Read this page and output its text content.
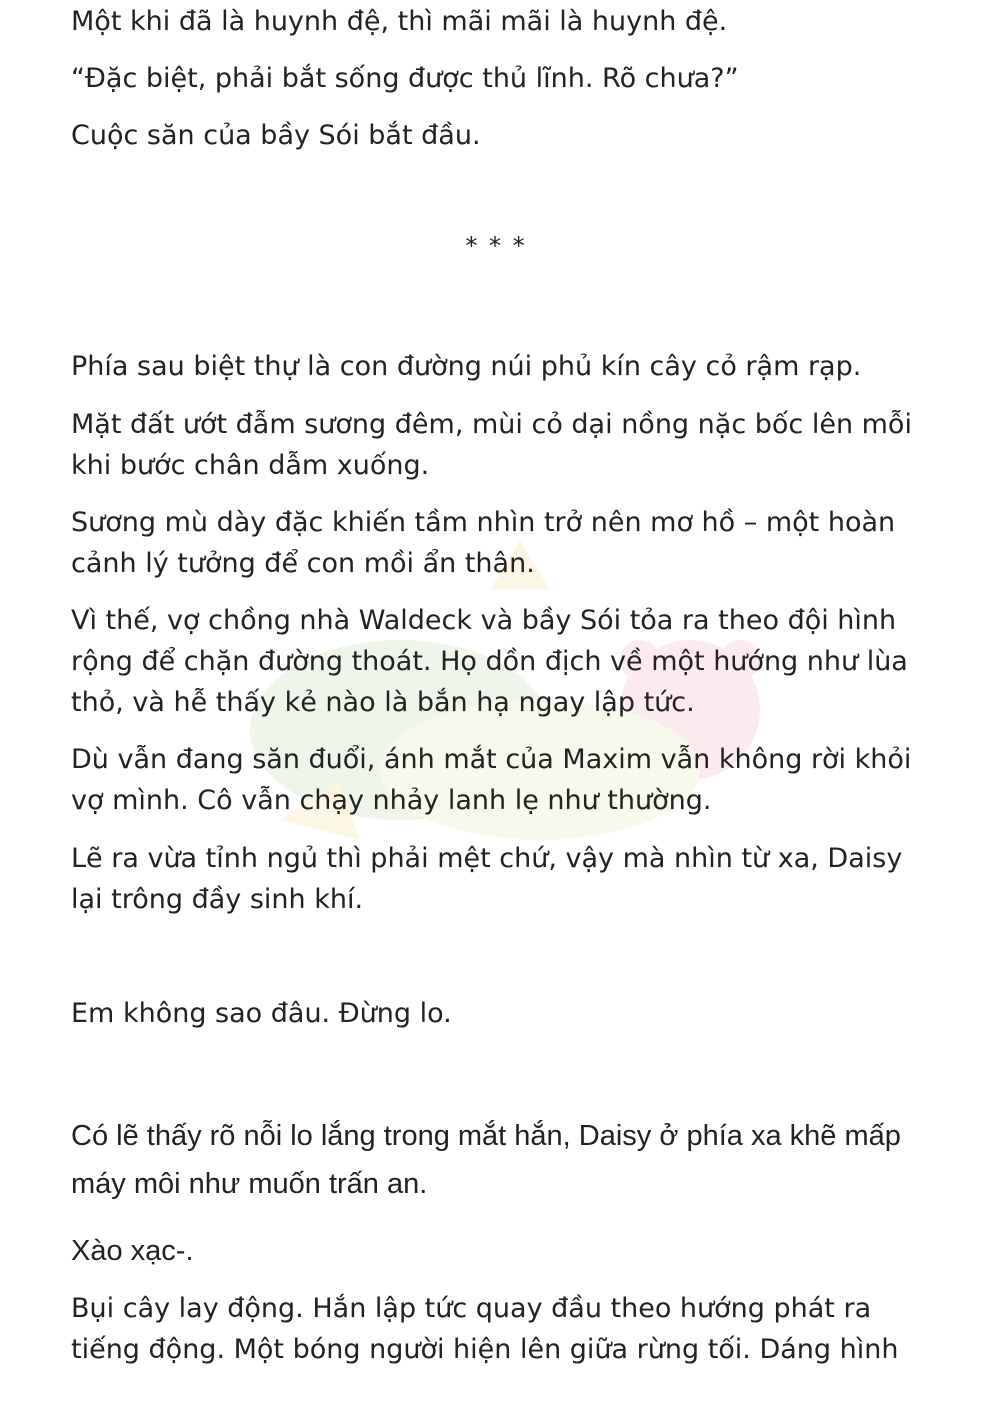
Một khi đã là huynh đệ, thì mãi mãi là huynh đệ.

“Đặc biệt, phải bắt sống được thủ lĩnh. Rõ chưa?”

Cuộc săn của bầy Sói bắt đầu.

* * *

Phía sau biệt thự là con đường núi phủ kín cây cỏ rậm rạp.

Mặt đất ướt đẫm sương đêm, mùi cỏ dại nồng nặc bốc lên mỗi khi bước chân dẫm xuống.

Sương mù dày đặc khiến tầm nhìn trở nên mơ hồ – một hoàn cảnh lý tưởng để con mồi ẩn thân.

Vì thế, vợ chồng nhà Waldeck và bầy Sói tỏa ra theo đội hình rộng để chặn đường thoát. Họ dồn địch về một hướng như lùa thỏ, và hễ thấy kẻ nào là bắn hạ ngay lập tức.

Dù vẫn đang săn đuổi, ánh mắt của Maxim vẫn không rời khỏi vợ mình. Cô vẫn chạy nhảy lanh lẹ như thường.

Lẽ ra vừa tỉnh ngủ thì phải mệt chứ, vậy mà nhìn từ xa, Daisy lại trông đầy sinh khí.

Em không sao đâu. Đừng lo.

Có lẽ thấy rõ nỗi lo lắng trong mắt hắn, Daisy ở phía xa khẽ mấp máy môi như muốn trấn an.

Xào xạc-.

Bụi cây lay động. Hắn lập tức quay đầu theo hướng phát ra tiếng động. Một bóng người hiện lên giữa rừng tối. Dáng hình
